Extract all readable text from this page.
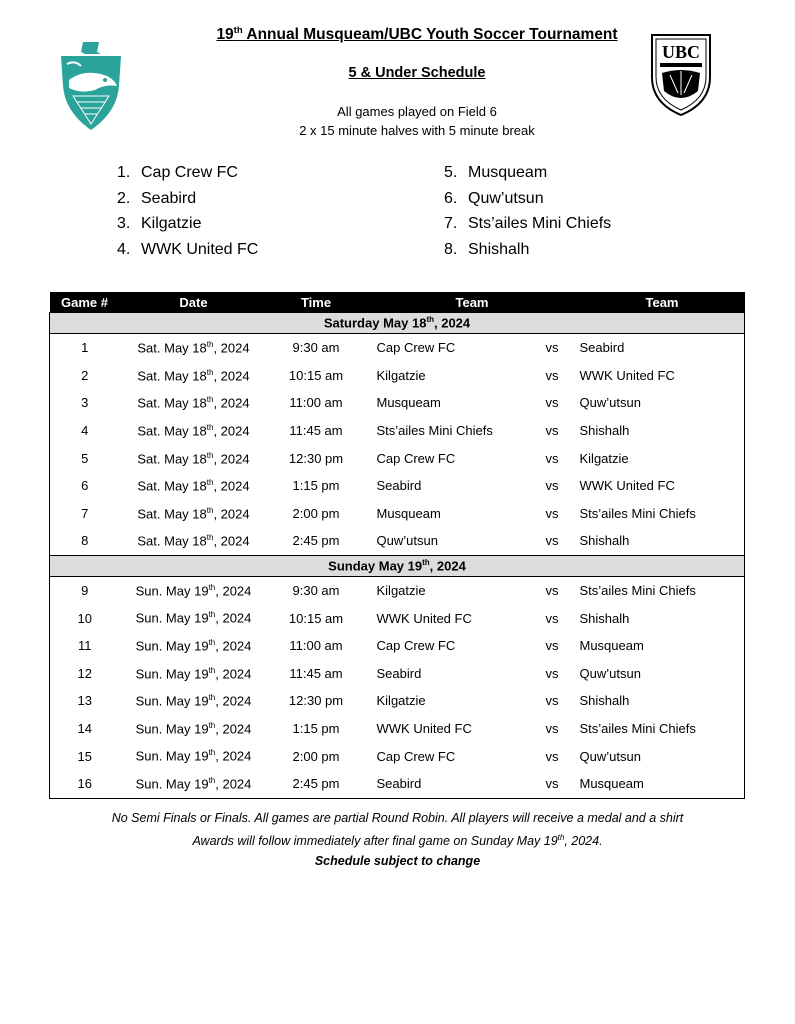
UBC
19th Annual Musqueam/UBC Youth Soccer Tournament
5 & Under Schedule
All games played on Field 6
2 x 15 minute halves with 5 minute break
1. Cap Crew FC
2. Seabird
3. Kilgatzie
4. WWK United FC
5. Musqueam
6. Quw’utsun
7. Sts’ailes Mini Chiefs
8. Shishalh
Game #	Date	Time	Team		Team
Saturday May 18th, 2024					
1	Sat. May 18th, 2024	9:30 am	Cap Crew FC	vs	Seabird
2	Sat. May 18th, 2024	10:15 am	Kilgatzie	vs	WWK United FC
3	Sat. May 18th, 2024	11:00 am	Musqueam	vs	Quw’utsun
4	Sat. May 18th, 2024	11:45 am	Sts’ailes Mini Chiefs	vs	Shishalh
5	Sat. May 18th, 2024	12:30 pm	Cap Crew FC	vs	Kilgatzie
6	Sat. May 18th, 2024	1:15 pm	Seabird	vs	WWK United FC
7	Sat. May 18th, 2024	2:00 pm	Musqueam	vs	Sts’ailes Mini Chiefs
8	Sat. May 18th, 2024	2:45 pm	Quw’utsun	vs	Shishalh
Sunday May 19th, 2024					
9	Sun. May 19th, 2024	9:30 am	Kilgatzie	vs	Sts’ailes Mini Chiefs
10	Sun. May 19th, 2024	10:15 am	WWK United FC	vs	Shishalh
11	Sun. May 19th, 2024	11:00 am	Cap Crew FC	vs	Musqueam
12	Sun. May 19th, 2024	11:45 am	Seabird	vs	Quw’utsun
13	Sun. May 19th, 2024	12:30 pm	Kilgatzie	vs	Shishalh
14	Sun. May 19th, 2024	1:15 pm	WWK United FC	vs	Sts’ailes Mini Chiefs
15	Sun. May 19th, 2024	2:00 pm	Cap Crew FC	vs	Quw’utsun
16	Sun. May 19th, 2024	2:45 pm	Seabird	vs	Musqueam
No Semi Finals or Finals. All games are partial Round Robin. All players will receive a medal and a shirt
Awards will follow immediately after final game on Sunday May 19th, 2024.
Schedule subject to change
